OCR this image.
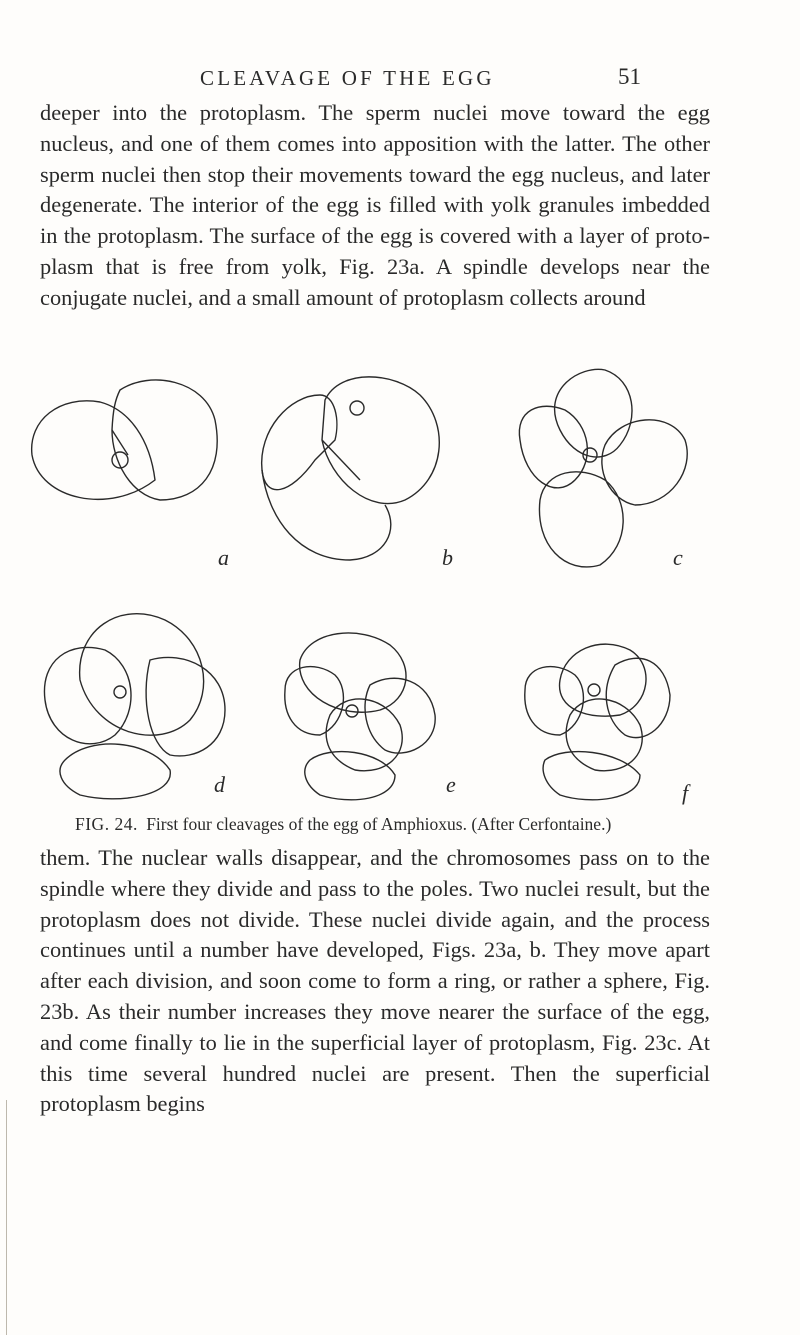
CLEAVAGE OF THE EGG	51

deeper into the protoplasm. The sperm nuclei move toward the egg nucleus, and one of them comes into apposition with the latter. The other sperm nuclei then stop their movements toward the egg nucleus, and later degenerate. The interior of the egg is filled with yolk granules imbedded in the protoplasm. The surface of the egg is covered with a layer of protoplasm that is free from yolk, Fig. 23a. A spindle develops near the conjugate nuclei, and a small amount of protoplasm collects around

a	b	c
d	e	f

FIG. 24. First four cleavages of the egg of Amphioxus. (After Cerfontaine.)

them. The nuclear walls disappear, and the chromosomes pass on to the spindle where they divide and pass to the poles. Two nuclei result, but the protoplasm does not divide. These nuclei divide again, and the process continues until a number have developed, Figs. 23a, b. They move apart after each division, and soon come to form a ring, or rather a sphere, Fig. 23b. As their number increases they move nearer the surface of the egg, and come finally to lie in the superficial layer of protoplasm, Fig. 23c. At this time several hundred nuclei are present. Then the superficial protoplasm begins
